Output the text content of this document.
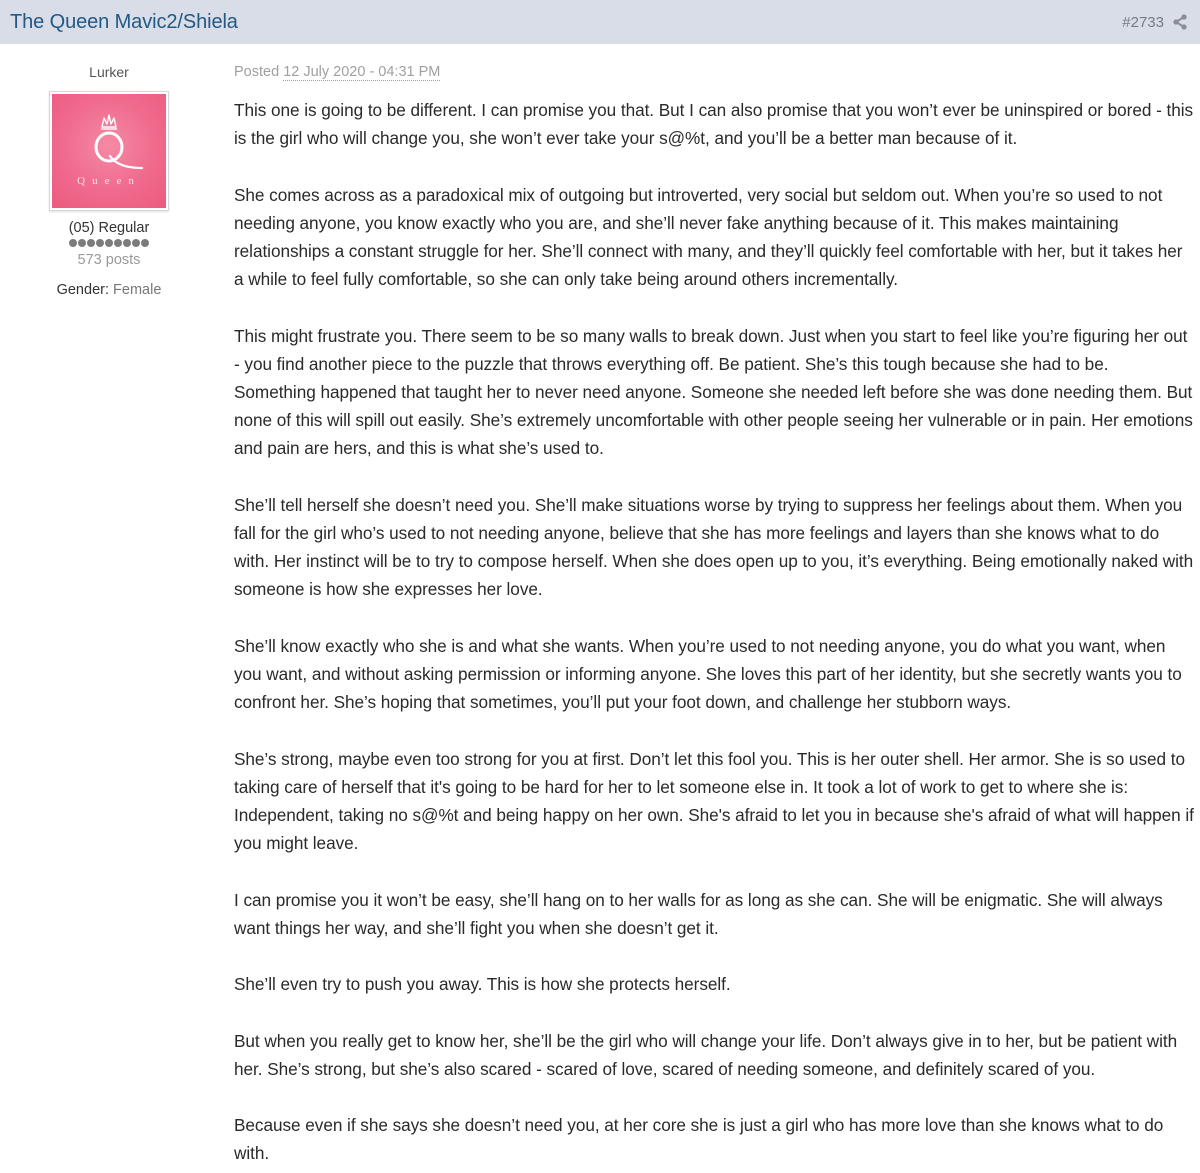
The Queen Mavic2/Shiela	#2733
Lurker
Queen
(05) Regular
573 posts
Gender: Female
Posted 12 July 2020 - 04:31 PM

This one is going to be different. I can promise you that. But I can also promise that you won’t ever be uninspired or bored - this is the girl who will change you, she won’t ever take your s@%t, and you’ll be a better man because of it.

She comes across as a paradoxical mix of outgoing but introverted, very social but seldom out. When you’re so used to not needing anyone, you know exactly who you are, and she’ll never fake anything because of it. This makes maintaining relationships a constant struggle for her. She’ll connect with many, and they’ll quickly feel comfortable with her, but it takes her a while to feel fully comfortable, so she can only take being around others incrementally.

This might frustrate you. There seem to be so many walls to break down. Just when you start to feel like you’re figuring her out - you find another piece to the puzzle that throws everything off. Be patient. She’s this tough because she had to be. Something happened that taught her to never need anyone. Someone she needed left before she was done needing them. But none of this will spill out easily. She’s extremely uncomfortable with other people seeing her vulnerable or in pain. Her emotions and pain are hers, and this is what she’s used to.

She’ll tell herself she doesn’t need you. She’ll make situations worse by trying to suppress her feelings about them. When you fall for the girl who’s used to not needing anyone, believe that she has more feelings and layers than she knows what to do with. Her instinct will be to try to compose herself. When she does open up to you, it’s everything. Being emotionally naked with someone is how she expresses her love.

She’ll know exactly who she is and what she wants. When you’re used to not needing anyone, you do what you want, when you want, and without asking permission or informing anyone. She loves this part of her identity, but she secretly wants you to confront her. She’s hoping that sometimes, you’ll put your foot down, and challenge her stubborn ways.

She’s strong, maybe even too strong for you at first. Don’t let this fool you. This is her outer shell. Her armor. She is so used to taking care of herself that it's going to be hard for her to let someone else in. It took a lot of work to get to where she is: Independent, taking no s@%t and being happy on her own. She's afraid to let you in because she's afraid of what will happen if you might leave.

I can promise you it won’t be easy, she’ll hang on to her walls for as long as she can. She will be enigmatic. She will always want things her way, and she’ll fight you when she doesn’t get it.

She’ll even try to push you away. This is how she protects herself.

But when you really get to know her, she’ll be the girl who will change your life. Don’t always give in to her, but be patient with her. She’s strong, but she’s also scared - scared of love, scared of needing someone, and definitely scared of you.

Because even if she says she doesn’t need you, at her core she is just a girl who has more love than she knows what to do with.
